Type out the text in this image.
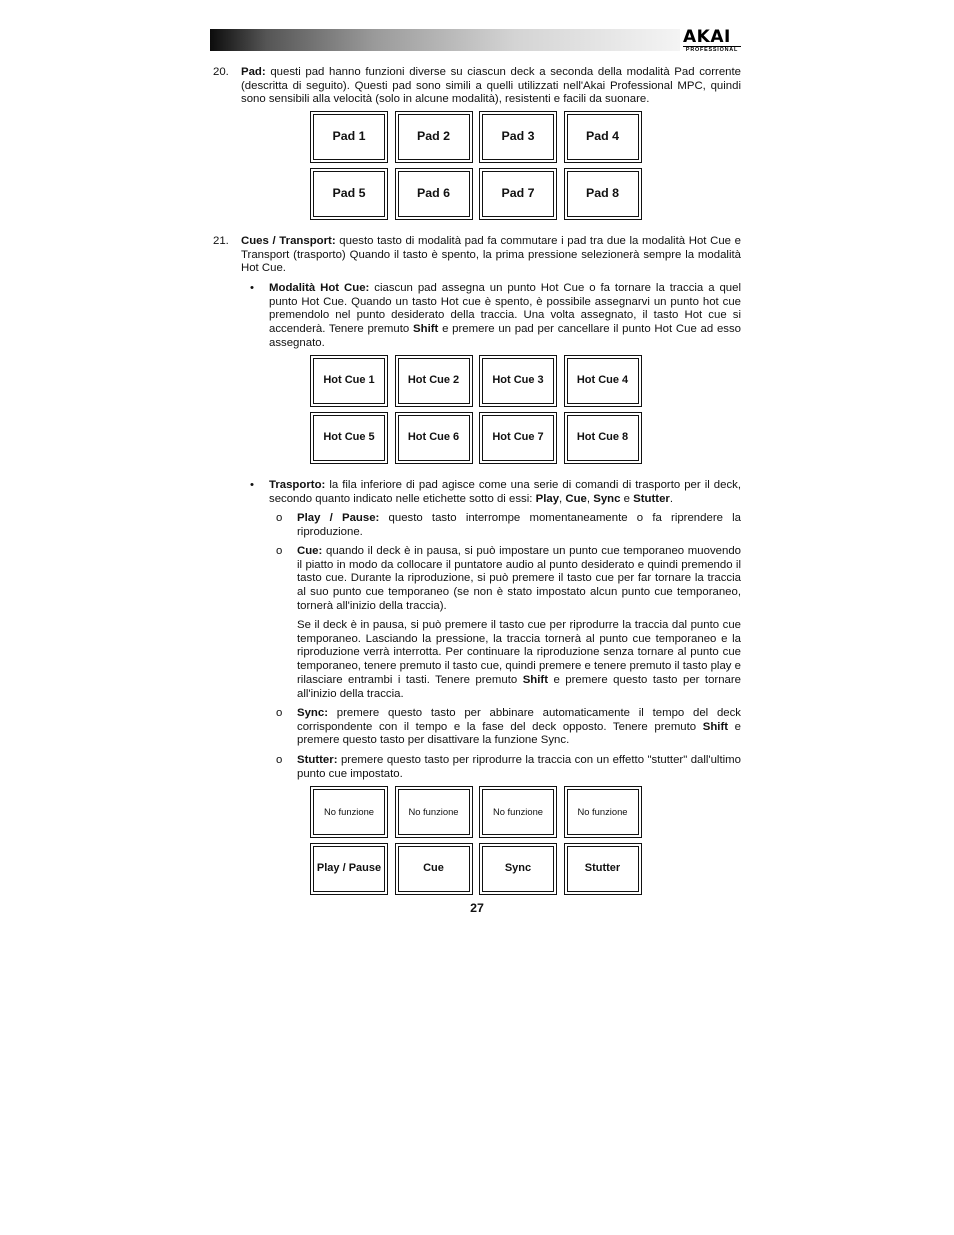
AKAI
PROFESSIONAL
20. Pad: questi pad hanno funzioni diverse su ciascun deck a seconda della modalità Pad corrente (descritta di seguito). Questi pad sono simili a quelli utilizzati nell'Akai Professional MPC, quindi sono sensibili alla velocità (solo in alcune modalità), resistenti e facili da suonare.
Pad 1	Pad 2	Pad 3	Pad 4
Pad 5	Pad 6	Pad 7	Pad 8
21. Cues / Transport: questo tasto di modalità pad fa commutare i pad tra due la modalità Hot Cue e Transport (trasporto) Quando il tasto è spento, la prima pressione selezionerà sempre la modalità Hot Cue.
• Modalità Hot Cue: ciascun pad assegna un punto Hot Cue o fa tornare la traccia a quel punto Hot Cue. Quando un tasto Hot cue è spento, è possibile assegnarvi un punto hot cue premendolo nel punto desiderato della traccia. Una volta assegnato, il tasto Hot cue si accenderà. Tenere premuto Shift e premere un pad per cancellare il punto Hot Cue ad esso assegnato.
Hot Cue 1	Hot Cue 2	Hot Cue 3	Hot Cue 4
Hot Cue 5	Hot Cue 6	Hot Cue 7	Hot Cue 8
• Trasporto: la fila inferiore di pad agisce come una serie di comandi di trasporto per il deck, secondo quanto indicato nelle etichette sotto di essi: Play, Cue, Sync e Stutter.
o Play / Pause: questo tasto interrompe momentaneamente o fa riprendere la riproduzione.
o Cue: quando il deck è in pausa, si può impostare un punto cue temporaneo muovendo il piatto in modo da collocare il puntatore audio al punto desiderato e quindi premendo il tasto cue. Durante la riproduzione, si può premere il tasto cue per far tornare la traccia al suo punto cue temporaneo (se non è stato impostato alcun punto cue temporaneo, tornerà all'inizio della traccia).
Se il deck è in pausa, si può premere il tasto cue per riprodurre la traccia dal punto cue temporaneo. Lasciando la pressione, la traccia tornerà al punto cue temporaneo e la riproduzione verrà interrotta. Per continuare la riproduzione senza tornare al punto cue temporaneo, tenere premuto il tasto cue, quindi premere e tenere premuto il tasto play e rilasciare entrambi i tasti. Tenere premuto Shift e premere questo tasto per tornare all'inizio della traccia.
o Sync: premere questo tasto per abbinare automaticamente il tempo del deck corrispondente con il tempo e la fase del deck opposto. Tenere premuto Shift e premere questo tasto per disattivare la funzione Sync.
o Stutter: premere questo tasto per riprodurre la traccia con un effetto "stutter" dall'ultimo punto cue impostato.
No funzione	No funzione	No funzione	No funzione
Play / Pause	Cue	Sync	Stutter
27
